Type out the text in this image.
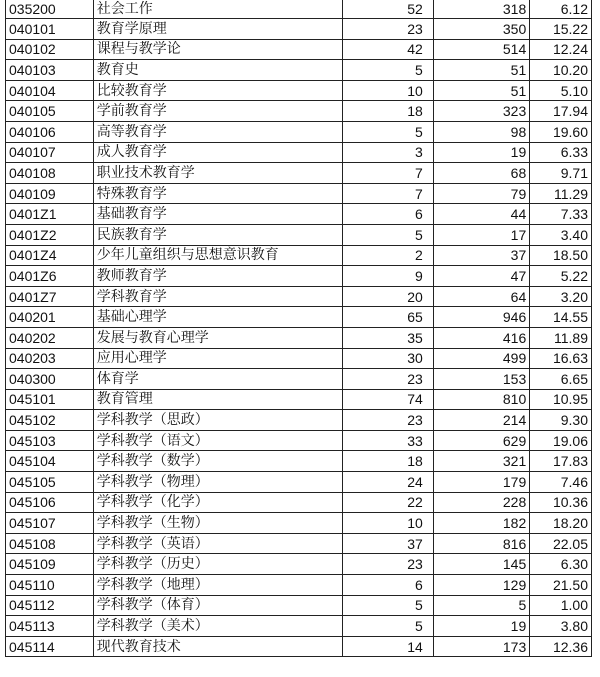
035200	社会工作	52	318	6.12
040101	教育学原理	23	350	15.22
040102	课程与教学论	42	514	12.24
040103	教育史	5	51	10.20
040104	比较教育学	10	51	5.10
040105	学前教育学	18	323	17.94
040106	高等教育学	5	98	19.60
040107	成人教育学	3	19	6.33
040108	职业技术教育学	7	68	9.71
040109	特殊教育学	7	79	11.29
0401Z1	基础教育学	6	44	7.33
0401Z2	民族教育学	5	17	3.40
0401Z4	少年儿童组织与思想意识教育	2	37	18.50
0401Z6	教师教育学	9	47	5.22
0401Z7	学科教育学	20	64	3.20
040201	基础心理学	65	946	14.55
040202	发展与教育心理学	35	416	11.89
040203	应用心理学	30	499	16.63
040300	体育学	23	153	6.65
045101	教育管理	74	810	10.95
045102	学科教学（思政）	23	214	9.30
045103	学科教学（语文）	33	629	19.06
045104	学科教学（数学）	18	321	17.83
045105	学科教学（物理）	24	179	7.46
045106	学科教学（化学）	22	228	10.36
045107	学科教学（生物）	10	182	18.20
045108	学科教学（英语）	37	816	22.05
045109	学科教学（历史）	23	145	6.30
045110	学科教学（地理）	6	129	21.50
045112	学科教学（体育）	5	5	1.00
045113	学科教学（美术）	5	19	3.80
045114	现代教育技术	14	173	12.36
